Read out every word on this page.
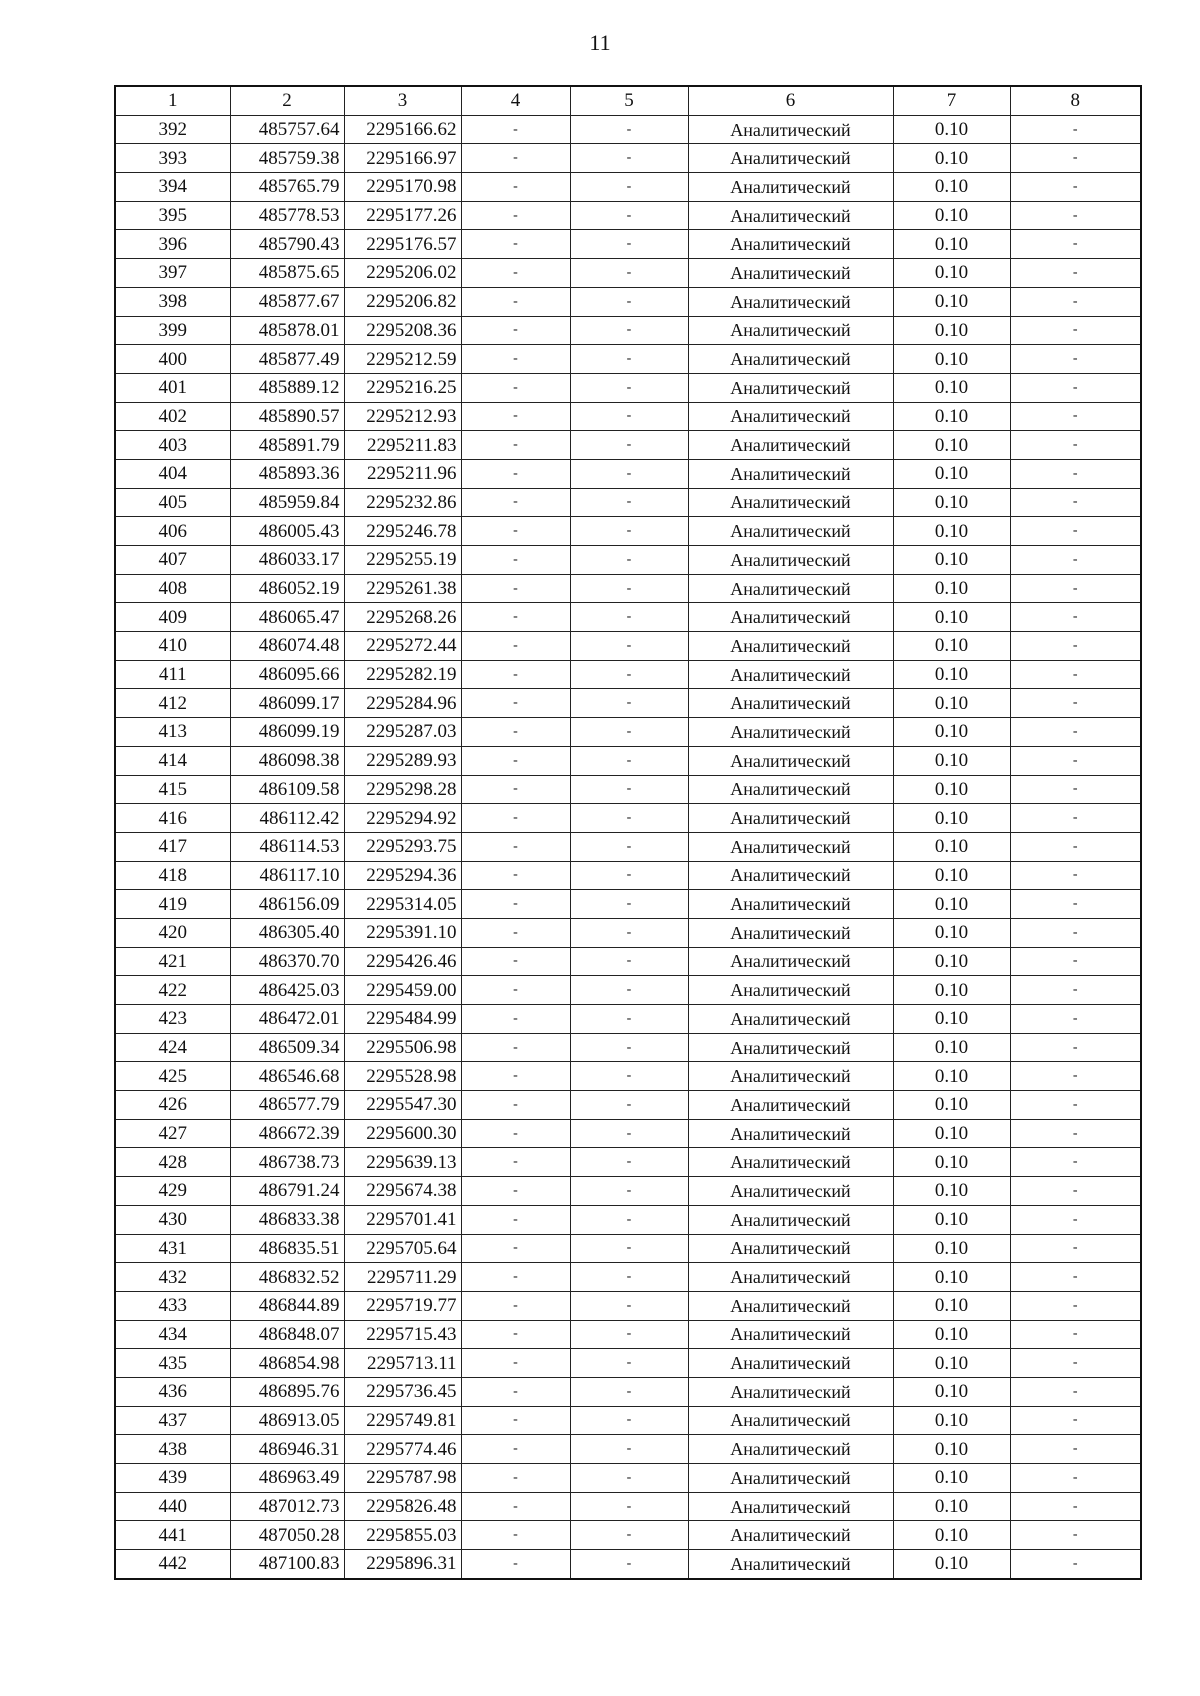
11
1	2	3	4	5	6	7	8
392	485757.64	2295166.62	-	-	Аналитический	0.10	-
393	485759.38	2295166.97	-	-	Аналитический	0.10	-
394	485765.79	2295170.98	-	-	Аналитический	0.10	-
395	485778.53	2295177.26	-	-	Аналитический	0.10	-
396	485790.43	2295176.57	-	-	Аналитический	0.10	-
397	485875.65	2295206.02	-	-	Аналитический	0.10	-
398	485877.67	2295206.82	-	-	Аналитический	0.10	-
399	485878.01	2295208.36	-	-	Аналитический	0.10	-
400	485877.49	2295212.59	-	-	Аналитический	0.10	-
401	485889.12	2295216.25	-	-	Аналитический	0.10	-
402	485890.57	2295212.93	-	-	Аналитический	0.10	-
403	485891.79	2295211.83	-	-	Аналитический	0.10	-
404	485893.36	2295211.96	-	-	Аналитический	0.10	-
405	485959.84	2295232.86	-	-	Аналитический	0.10	-
406	486005.43	2295246.78	-	-	Аналитический	0.10	-
407	486033.17	2295255.19	-	-	Аналитический	0.10	-
408	486052.19	2295261.38	-	-	Аналитический	0.10	-
409	486065.47	2295268.26	-	-	Аналитический	0.10	-
410	486074.48	2295272.44	-	-	Аналитический	0.10	-
411	486095.66	2295282.19	-	-	Аналитический	0.10	-
412	486099.17	2295284.96	-	-	Аналитический	0.10	-
413	486099.19	2295287.03	-	-	Аналитический	0.10	-
414	486098.38	2295289.93	-	-	Аналитический	0.10	-
415	486109.58	2295298.28	-	-	Аналитический	0.10	-
416	486112.42	2295294.92	-	-	Аналитический	0.10	-
417	486114.53	2295293.75	-	-	Аналитический	0.10	-
418	486117.10	2295294.36	-	-	Аналитический	0.10	-
419	486156.09	2295314.05	-	-	Аналитический	0.10	-
420	486305.40	2295391.10	-	-	Аналитический	0.10	-
421	486370.70	2295426.46	-	-	Аналитический	0.10	-
422	486425.03	2295459.00	-	-	Аналитический	0.10	-
423	486472.01	2295484.99	-	-	Аналитический	0.10	-
424	486509.34	2295506.98	-	-	Аналитический	0.10	-
425	486546.68	2295528.98	-	-	Аналитический	0.10	-
426	486577.79	2295547.30	-	-	Аналитический	0.10	-
427	486672.39	2295600.30	-	-	Аналитический	0.10	-
428	486738.73	2295639.13	-	-	Аналитический	0.10	-
429	486791.24	2295674.38	-	-	Аналитический	0.10	-
430	486833.38	2295701.41	-	-	Аналитический	0.10	-
431	486835.51	2295705.64	-	-	Аналитический	0.10	-
432	486832.52	2295711.29	-	-	Аналитический	0.10	-
433	486844.89	2295719.77	-	-	Аналитический	0.10	-
434	486848.07	2295715.43	-	-	Аналитический	0.10	-
435	486854.98	2295713.11	-	-	Аналитический	0.10	-
436	486895.76	2295736.45	-	-	Аналитический	0.10	-
437	486913.05	2295749.81	-	-	Аналитический	0.10	-
438	486946.31	2295774.46	-	-	Аналитический	0.10	-
439	486963.49	2295787.98	-	-	Аналитический	0.10	-
440	487012.73	2295826.48	-	-	Аналитический	0.10	-
441	487050.28	2295855.03	-	-	Аналитический	0.10	-
442	487100.83	2295896.31	-	-	Аналитический	0.10	-
